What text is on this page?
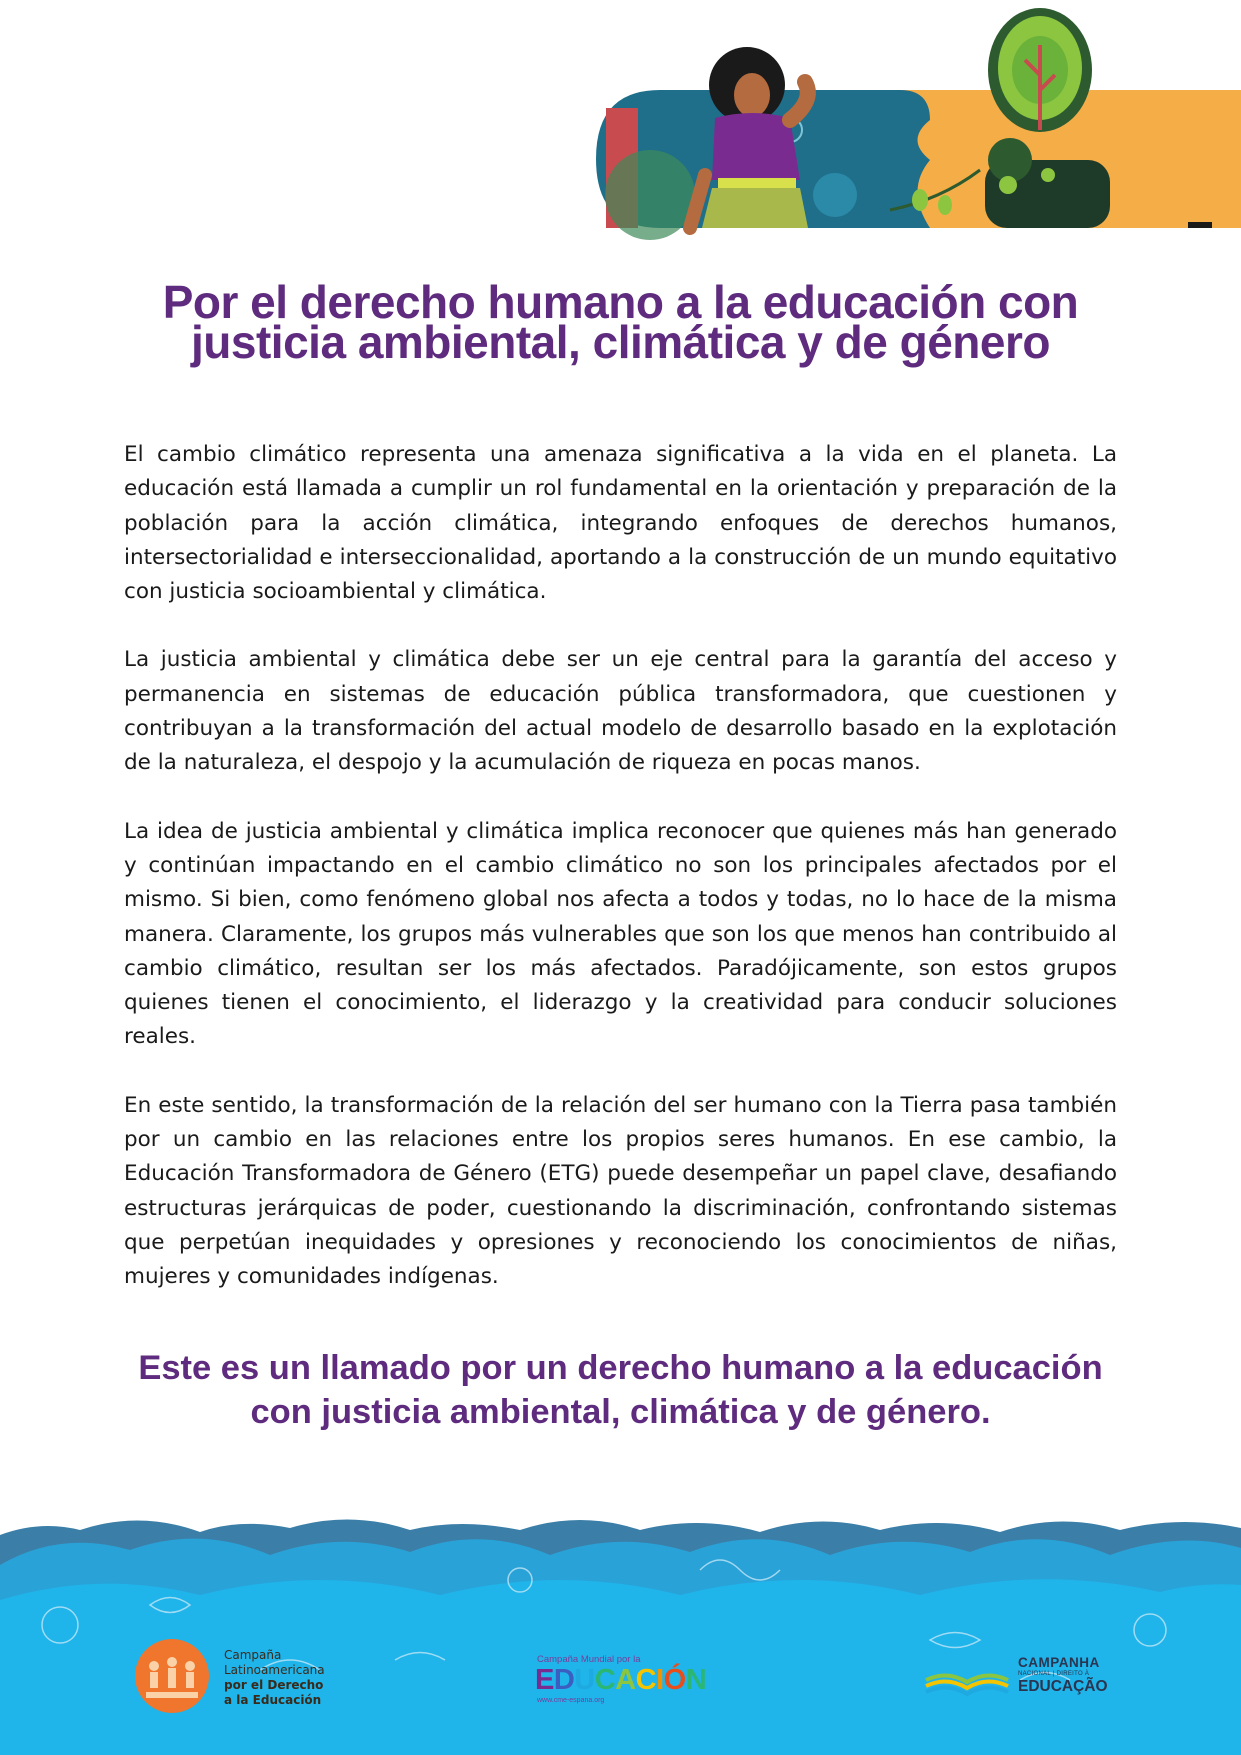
Por el derecho humano a la educación con justicia ambiental, climática y de género

El cambio climático representa una amenaza significativa a la vida en el planeta. La educación está llamada a cumplir un rol fundamental en la orientación y preparación de la población para la acción climática, integrando enfoques de derechos humanos, intersectorialidad e interseccionalidad, aportando a la construcción de un mundo equitativo con justicia socioambiental y climática.

La justicia ambiental y climática debe ser un eje central para la garantía del acceso y permanencia en sistemas de educación pública transformadora, que cuestionen y contribuyan a la transformación del actual modelo de desarrollo basado en la explotación de la naturaleza, el despojo y la acumulación de riqueza en pocas manos.

La idea de justicia ambiental y climática implica reconocer que quienes más han generado y continúan impactando en el cambio climático no son los principales afectados por el mismo. Si bien, como fenómeno global nos afecta a todos y todas, no lo hace de la misma manera. Claramente, los grupos más vulnerables que son los que menos han contribuido al cambio climático, resultan ser los más afectados. Paradójicamente, son estos grupos quienes tienen el conocimiento, el liderazgo y la creatividad para conducir soluciones reales.

En este sentido, la transformación de la relación del ser humano con la Tierra pasa también por un cambio en las relaciones entre los propios seres humanos. En ese cambio, la Educación Transformadora de Género (ETG) puede desempeñar un papel clave, desafiando estructuras jerárquicas de poder, cuestionando la discriminación, confrontando sistemas que perpetúan inequidades y opresiones y reconociendo los conocimientos de niñas, mujeres y comunidades indígenas.

Este es un llamado por un derecho humano a la educación con justicia ambiental, climática y de género.
Campaña
Latinoamericana
por el Derecho
a la Educación
Campaña Mundial por la
EDUCACIÓN
www.cme-espana.org
CAMPANHA
NACIONAL | DIREITO À
EDUCAÇÃO
